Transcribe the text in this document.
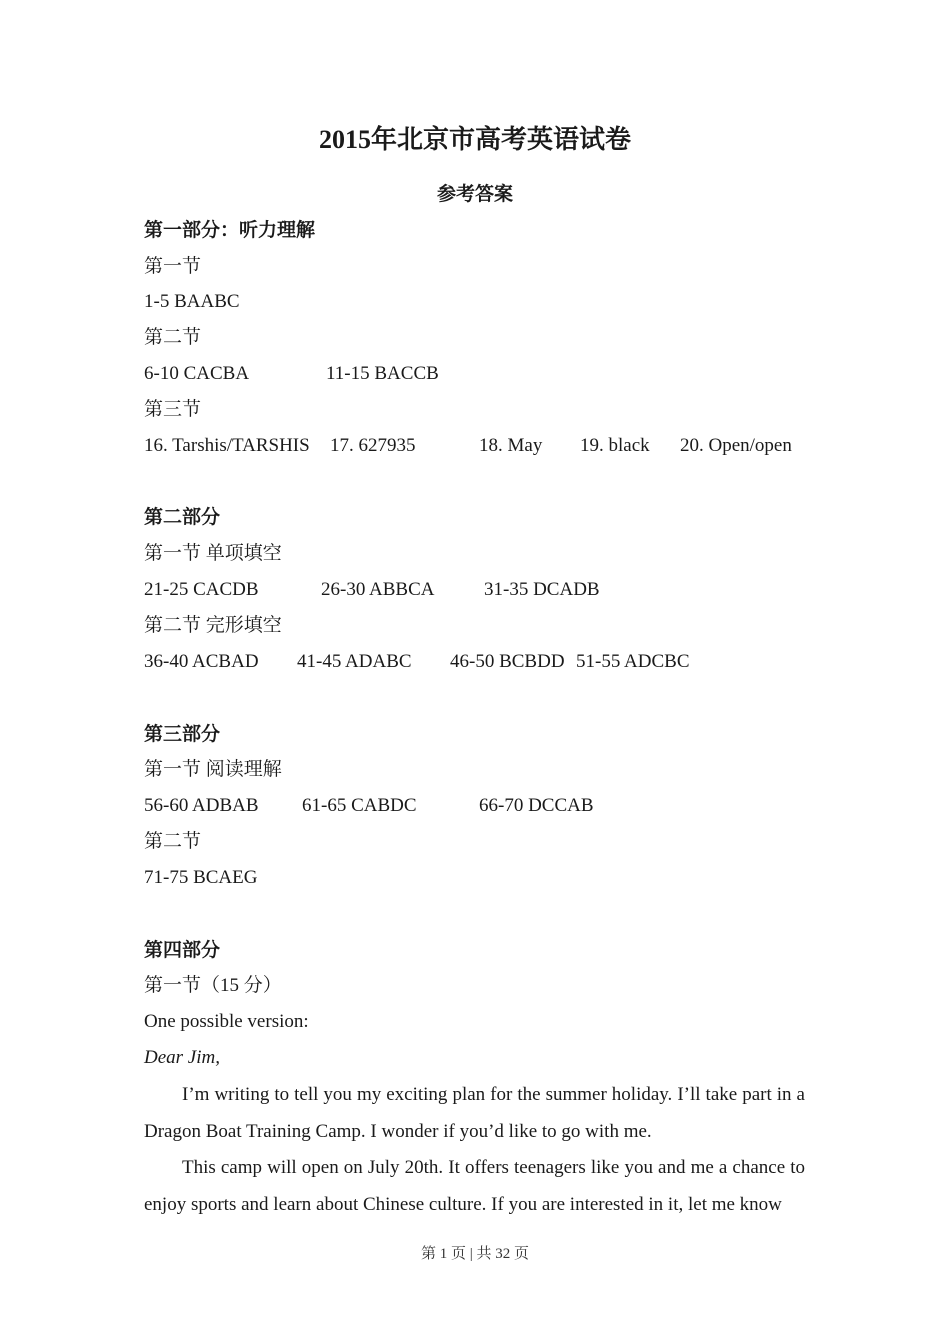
2015年北京市高考英语试卷
参考答案
第一部分：听力理解
第一节
1-5 BAABC
第二节
6-10 CACBA	11-15 BACCB
第三节
16. Tarshis/TARSHIS 17. 627935	18. May 19. black 20. Open/open
第二部分
第一节 单项填空
21-25 CACDB	26-30 ABBCA	31-35 DCADB
第二节 完形填空
36-40 ACBAD 41-45 ADABC 46-50 BCBDD 51-55 ADCBC
第三部分
第一节 阅读理解
56-60 ADBAB 61-65 CABDC	66-70 DCCAB
第二节
71-75 BCAEG
第四部分
第一节（15 分）
One possible version:
Dear Jim,
I’m writing to tell you my exciting plan for the summer holiday. I’ll take part in a Dragon Boat Training Camp. I wonder if you’d like to go with me.
This camp will open on July 20th. It offers teenagers like you and me a chance to enjoy sports and learn about Chinese culture. If you are interested in it, let me know
第 1 页 | 共 32 页
